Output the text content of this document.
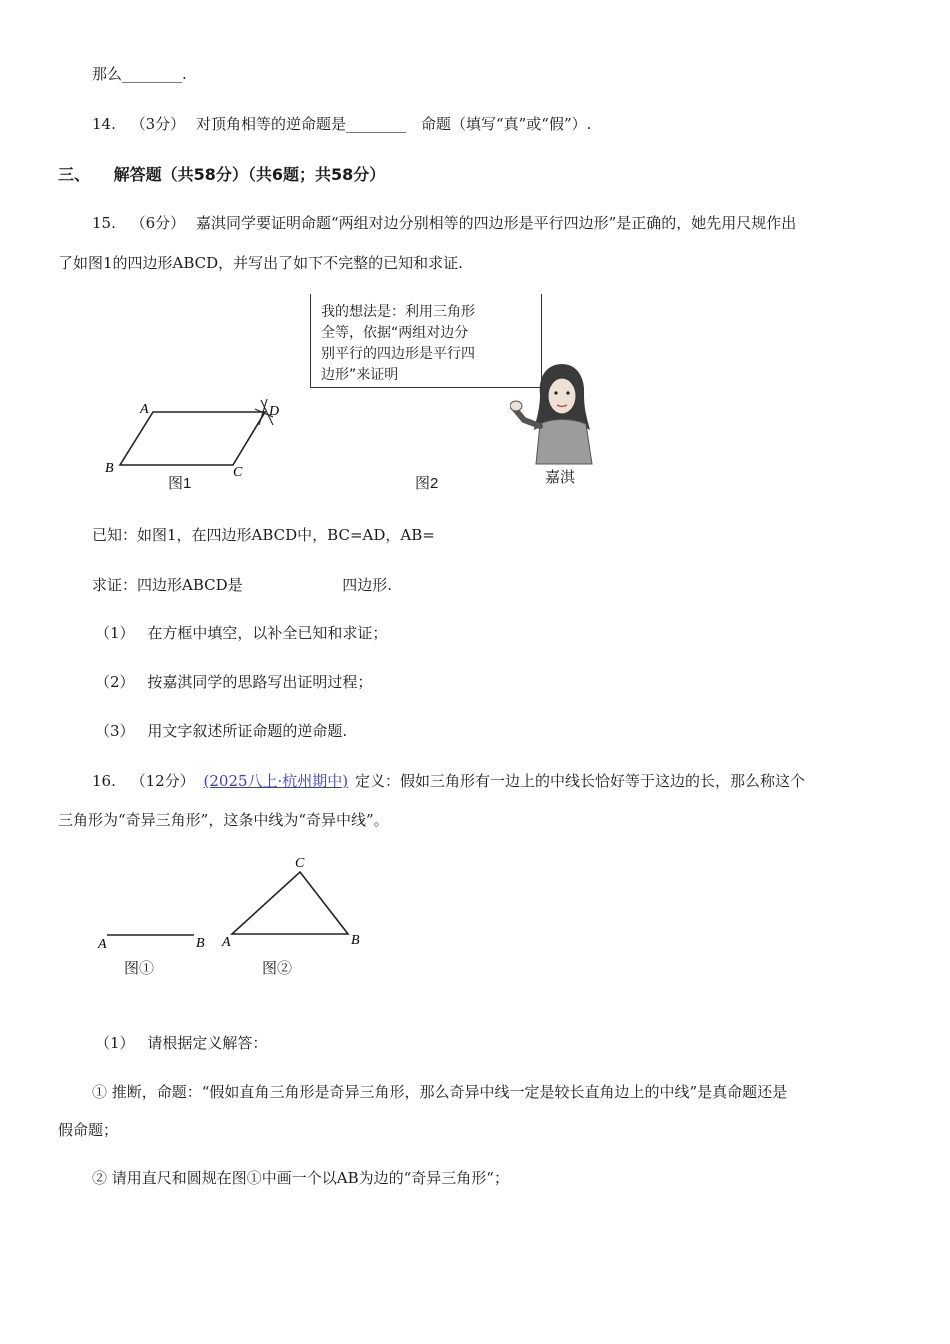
那么________.
14. （3分） 对顶角相等的逆命题是________　命题（填写“真”或“假”）.
三、 解答题（共58分）（共6题；共58分）
15. （6分） 嘉淇同学要证明命题“两组对边分别相等的四边形是平行四边形”是正确的，她先用尺规作出
了如图1的四边形ABCD，并写出了如下不完整的已知和求证.
A	D
B	C
图1
我的想法是：利用三角形
全等，依据“两组对边分
别平行的四边形是平行四
边形”来证明
图2	嘉淇
已知：如图1，在四边形ABCD中，BC=AD，AB=
求证：四边形ABCD是	四边形.
（1） 在方框中填空，以补全已知和求证；
（2） 按嘉淇同学的思路写出证明过程；
（3） 用文字叙述所证命题的逆命题.
16. （12分） (2025八上·杭州期中) 定义：假如三角形有一边上的中线长恰好等于这边的长，那么称这个
三角形为“奇异三角形”，这条中线为“奇异中线”。
A	B
图①
C
A	B
图②
（1） 请根据定义解答：
① 推断，命题：“假如直角三角形是奇异三角形，那么奇异中线一定是较长直角边上的中线”是真命题还是
假命题；
② 请用直尺和圆规在图①中画一个以AB为边的“奇异三角形“；
